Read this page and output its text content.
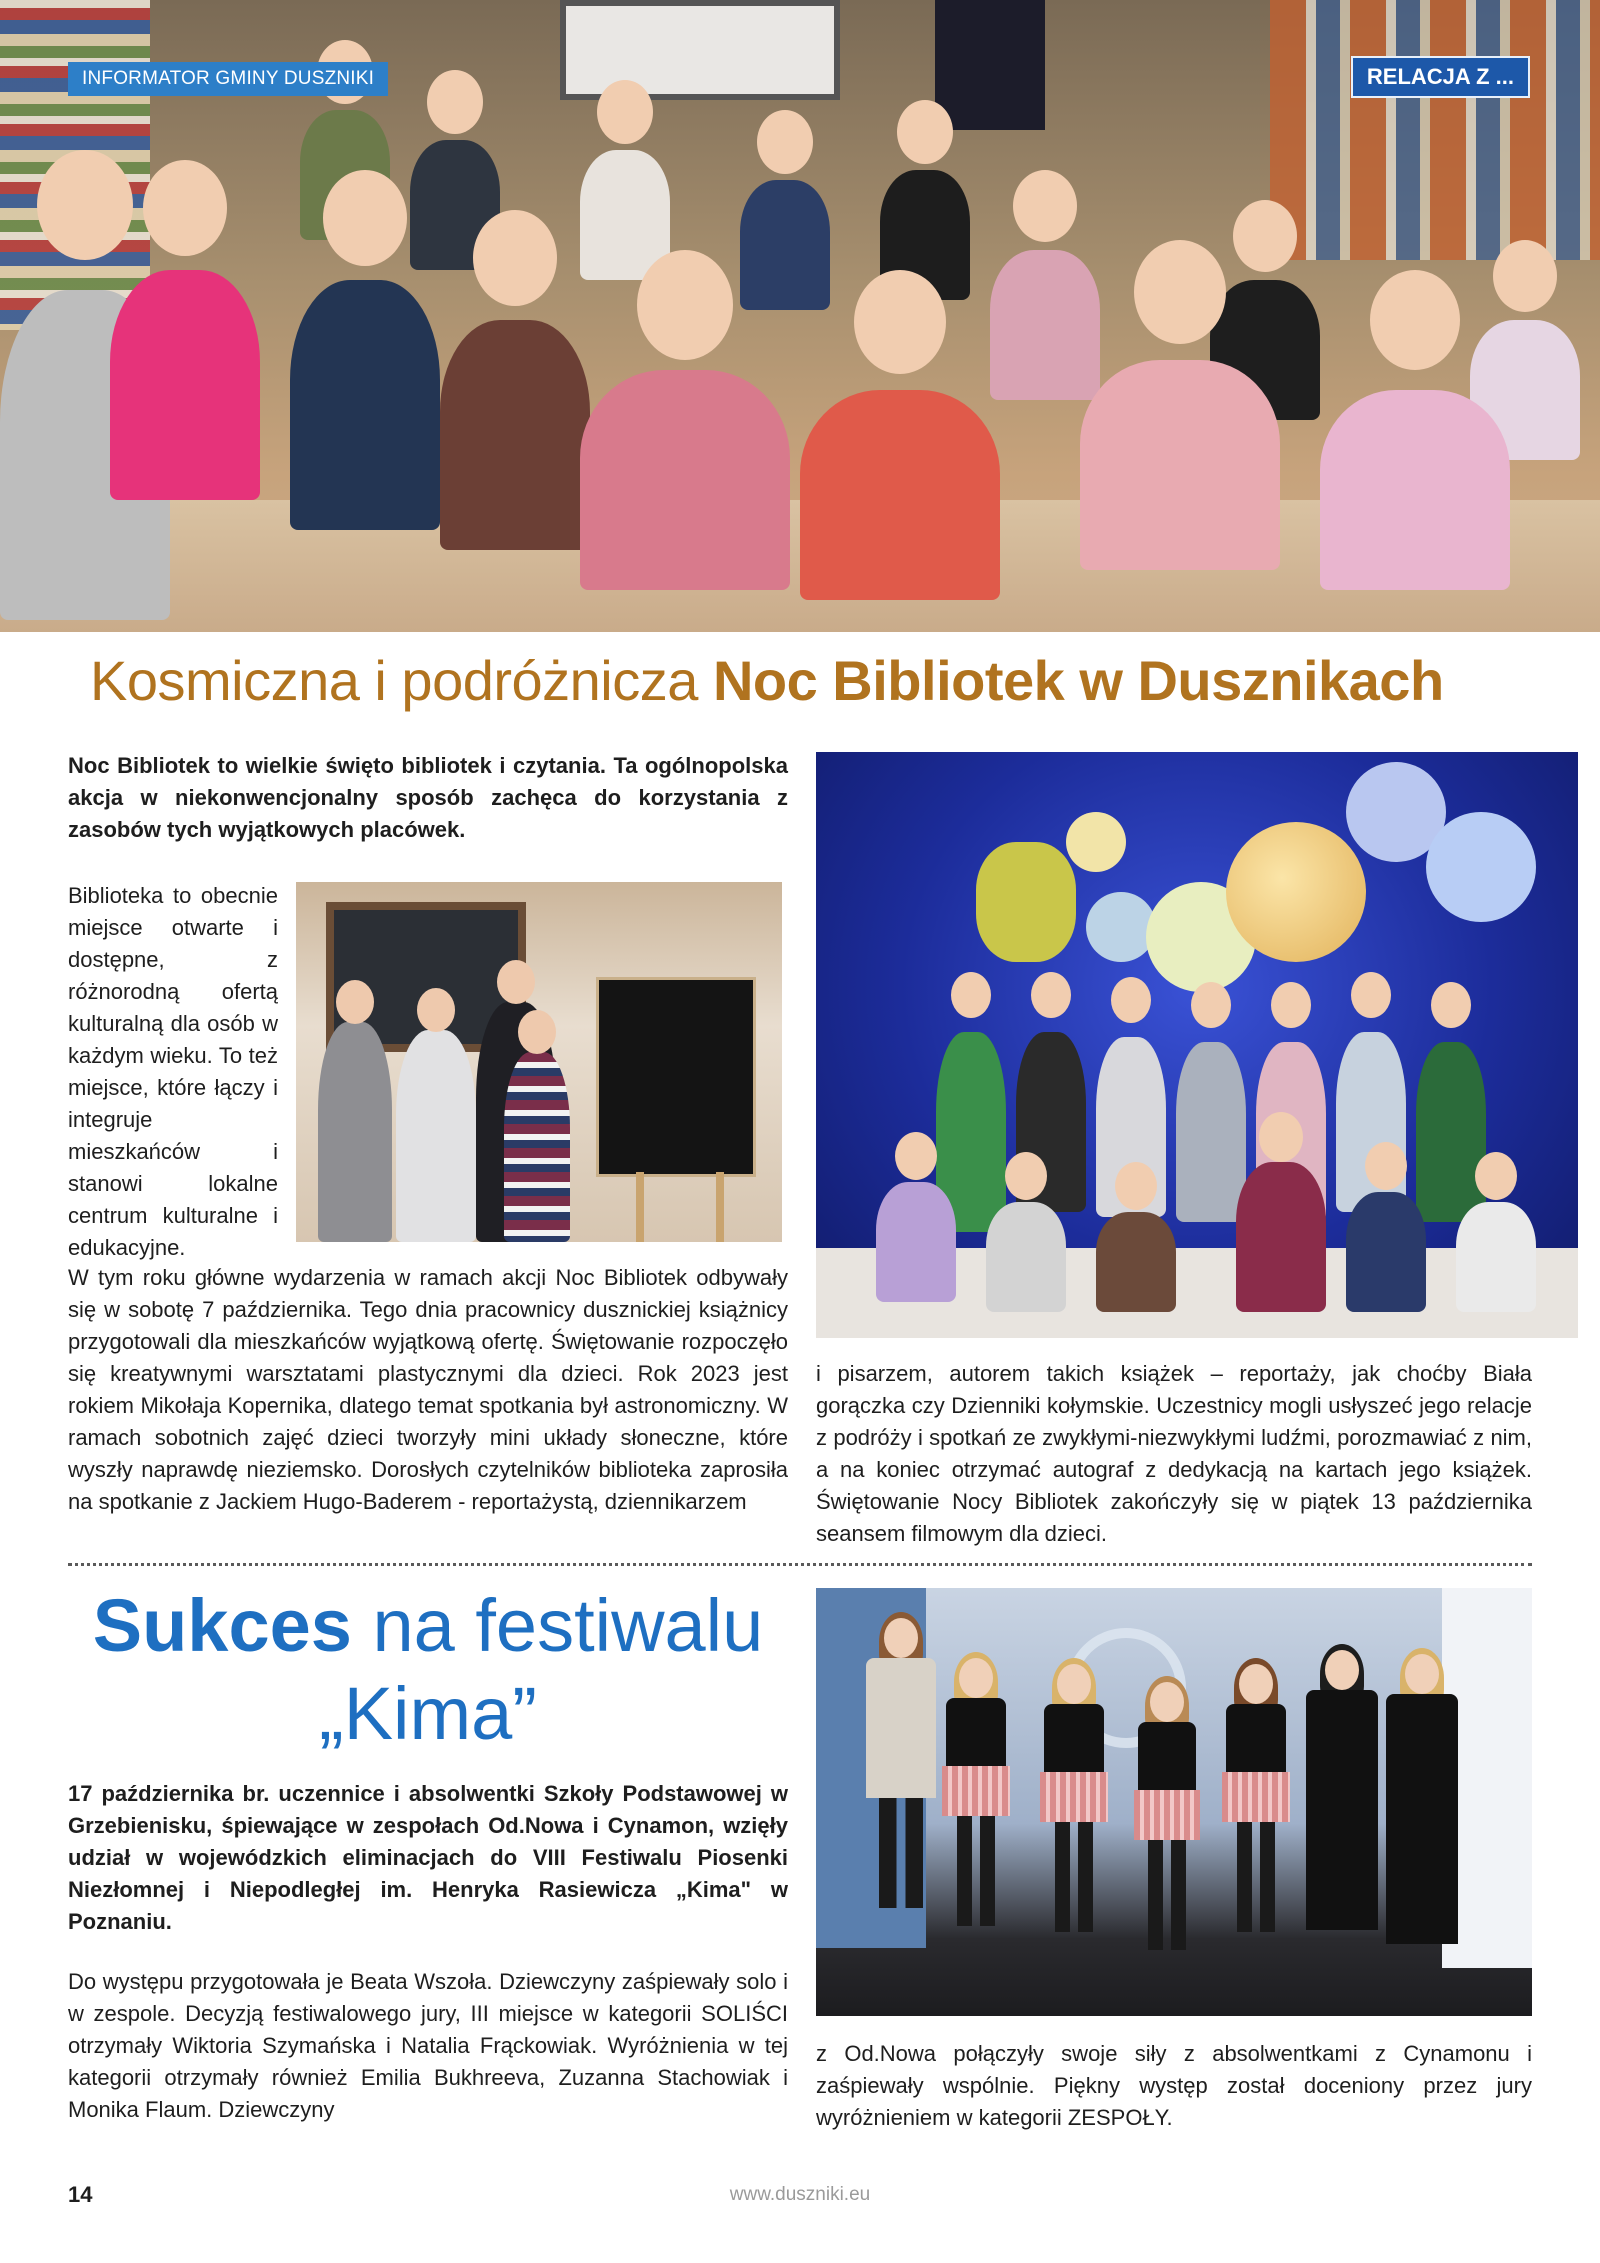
INFORMATOR GMINY DUSZNIKI	RELACJA Z ...
Kosmiczna i podróżnicza Noc Bibliotek w Dusznikach
Noc Bibliotek to wielkie święto bibliotek i czytania. Ta ogólnopolska akcja w niekonwencjonalny sposób zachęca do korzystania z zasobów tych wyjątkowych placówek.
Biblioteka to obecnie miejsce otwarte i dostępne, z różnorodną ofertą kulturalną dla osób w każdym wieku. To też miejsce, które łączy i integruje mieszkańców i stanowi lokalne centrum kulturalne i edukacyjne.
W tym roku główne wydarzenia w ramach akcji Noc Bibliotek odbywały się w sobotę 7 października. Tego dnia pracownicy dusznickiej książnicy przygotowali dla mieszkańców wyjątkową ofertę. Świętowanie rozpoczęło się kreatywnymi warsztatami plastycznymi dla dzieci. Rok 2023 jest rokiem Mikołaja Kopernika, dlatego temat spotkania był astronomiczny. W ramach sobotnich zajęć dzieci tworzyły mini układy słoneczne, które wyszły naprawdę nieziemsko. Dorosłych czytelników biblioteka zaprosiła na spotkanie z Jackiem Hugo-Baderem - reportażystą, dziennikarzem
i pisarzem, autorem takich książek – reportaży, jak choćby Biała gorączka czy Dzienniki kołymskie. Uczestnicy mogli usłyszeć jego relacje z podróży i spotkań ze zwykłymi-niezwykłymi ludźmi, porozmawiać z nim, a na koniec otrzymać autograf z dedykacją na kartach jego książek. Świętowanie Nocy Bibliotek zakończyły się w piątek 13 października seansem filmowym dla dzieci.
Sukces na festiwalu
„Kima”
17 października br. uczennice i absolwentki Szkoły Podstawowej w Grzebienisku, śpiewające w zespołach Od.Nowa i Cynamon, wzięły udział w wojewódzkich eliminacjach do VIII Festiwalu Piosenki Niezłomnej i Niepodległej im. Henryka Rasiewicza „Kima" w Poznaniu.
Do występu przygotowała je Beata Wszoła. Dziewczyny zaśpiewały solo i w zespole. Decyzją festiwalowego jury, III miejsce w kategorii SOLIŚCI otrzymały Wiktoria Szymańska i Natalia Frąckowiak. Wyróżnienia w tej kategorii otrzymały również Emilia Bukhreeva, Zuzanna Stachowiak i Monika Flaum. Dziewczyny
z Od.Nowa połączyły swoje siły z absolwentkami z Cynamonu i zaśpiewały wspólnie. Piękny występ został doceniony przez jury wyróżnieniem w kategorii ZESPOŁY.
14	www.duszniki.eu
